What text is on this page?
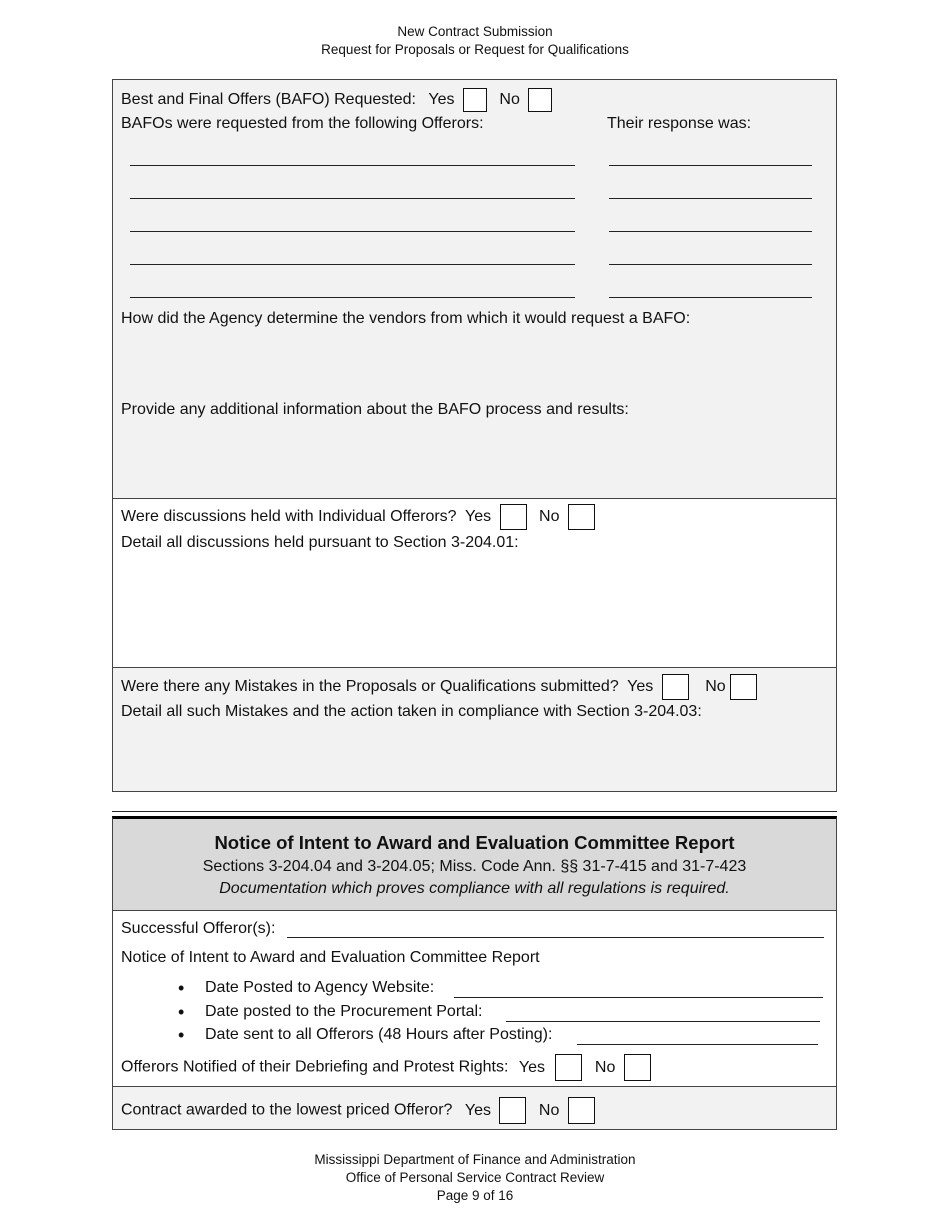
New Contract Submission
Request for Proposals or Request for Qualifications
Best and Final Offers (BAFO) Requested: Yes	No
BAFOs were requested from the following Offerors:	Their response was:
How did the Agency determine the vendors from which it would request a BAFO:
Provide any additional information about the BAFO process and results:
Were discussions held with Individual Offerors? Yes	No
Detail all discussions held pursuant to Section 3-204.01:
Were there any Mistakes in the Proposals or Qualifications submitted? Yes	No
Detail all such Mistakes and the action taken in compliance with Section 3-204.03:
Notice of Intent to Award and Evaluation Committee Report
Sections 3-204.04 and 3-204.05; Miss. Code Ann. §§ 31-7-415 and 31-7-423
Documentation which proves compliance with all regulations is required.
Successful Offeror(s):
Notice of Intent to Award and Evaluation Committee Report
• Date Posted to Agency Website:
• Date posted to the Procurement Portal:
• Date sent to all Offerors (48 Hours after Posting):
Offerors Notified of their Debriefing and Protest Rights: Yes	No
Contract awarded to the lowest priced Offeror? Yes	No
Mississippi Department of Finance and Administration
Office of Personal Service Contract Review
Page 9 of 16
